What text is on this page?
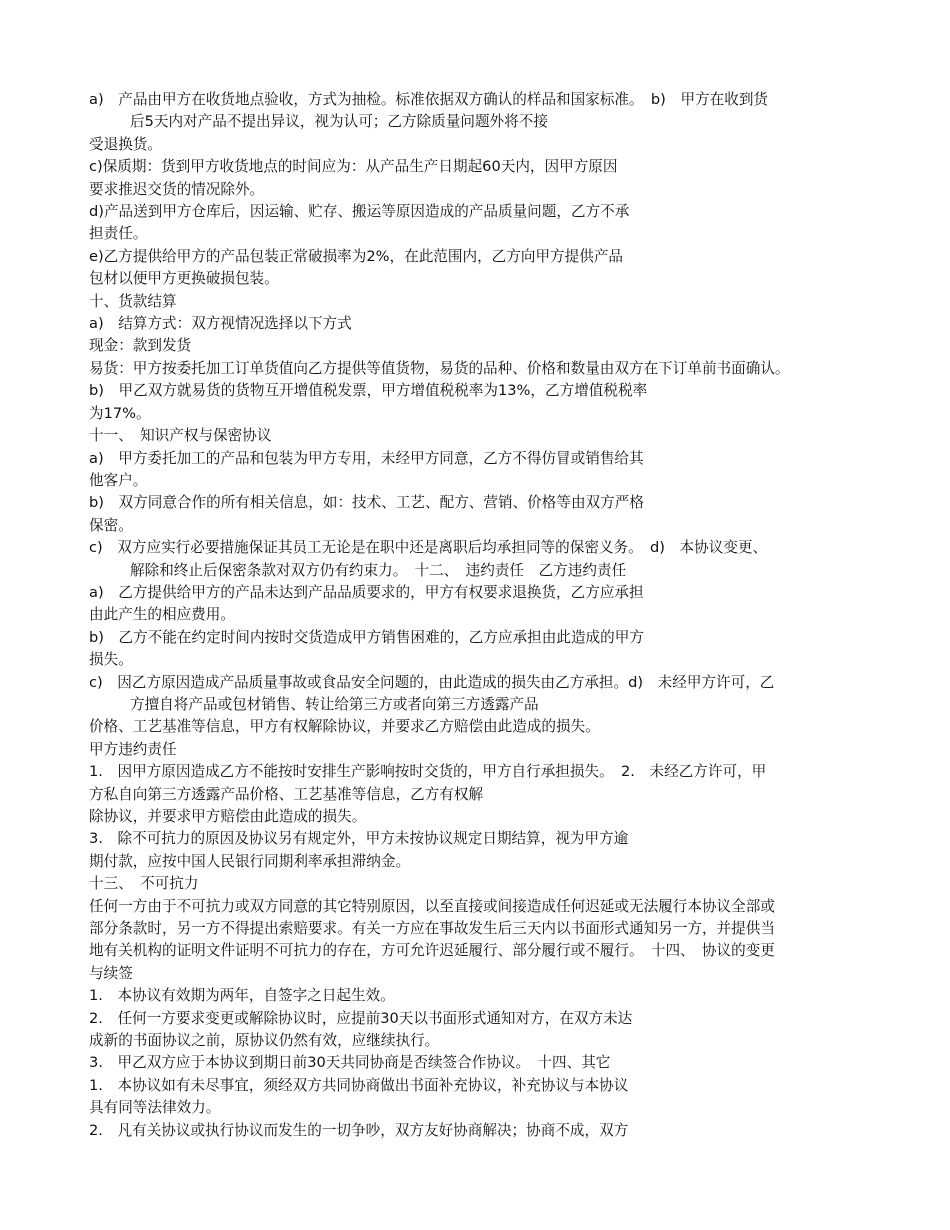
a)　产品由甲方在收货地点验收，方式为抽检。标准依据双方确认的样品和国家标准。　b)　甲方在收到货
后5天内对产品不提出异议，视为认可；乙方除质量问题外将不接
受退换货。
c)保质期：货到甲方收货地点的时间应为：从产品生产日期起60天内，因甲方原因
要求推迟交货的情况除外。
d)产品送到甲方仓库后，因运输、贮存、搬运等原因造成的产品质量问题，乙方不承
担责任。
e)乙方提供给甲方的产品包装正常破损率为2%，在此范围内，乙方向甲方提供产品
包材以便甲方更换破损包装。
十、货款结算
a)　结算方式：双方视情况选择以下方式
现金：款到发货
易货：甲方按委托加工订单货值向乙方提供等值货物，易货的品种、价格和数量由双方在下订单前书面确认。
b)　甲乙双方就易货的货物互开增值税发票，甲方增值税税率为13%，乙方增值税税率
为17%。
十一、　知识产权与保密协议
a)　甲方委托加工的产品和包装为甲方专用，未经甲方同意，乙方不得仿冒或销售给其
他客户。
b)　双方同意合作的所有相关信息，如：技术、工艺、配方、营销、价格等由双方严格
保密。
c)　双方应实行必要措施保证其员工无论是在职中还是离职后均承担同等的保密义务。　d)　本协议变更、
解除和终止后保密条款对双方仍有约束力。　十二、　违约责任　乙方违约责任
a)　乙方提供给甲方的产品未达到产品品质要求的，甲方有权要求退换货，乙方应承担
由此产生的相应费用。
b)　乙方不能在约定时间内按时交货造成甲方销售困难的，乙方应承担由此造成的甲方
损失。
c)　因乙方原因造成产品质量事故或食品安全问题的，由此造成的损失由乙方承担。d)　未经甲方许可，乙
方擅自将产品或包材销售、转让给第三方或者向第三方透露产品
价格、工艺基准等信息，甲方有权解除协议，并要求乙方赔偿由此造成的损失。
甲方违约责任
1.　因甲方原因造成乙方不能按时安排生产影响按时交货的，甲方自行承担损失。　2.　未经乙方许可，甲
方私自向第三方透露产品价格、工艺基准等信息，乙方有权解
除协议，并要求甲方赔偿由此造成的损失。
3.　除不可抗力的原因及协议另有规定外，甲方未按协议规定日期结算，视为甲方逾
期付款，应按中国人民银行同期利率承担滞纳金。
十三、　不可抗力
任何一方由于不可抗力或双方同意的其它特别原因，以至直接或间接造成任何迟延或无法履行本协议全部或
部分条款时，另一方不得提出索赔要求。有关一方应在事故发生后三天内以书面形式通知另一方，并提供当
地有关机构的证明文件证明不可抗力的存在，方可允许迟延履行、部分履行或不履行。　十四、　协议的变更
与续签
1.　本协议有效期为两年，自签字之日起生效。
2.　任何一方要求变更或解除协议时，应提前30天以书面形式通知对方，在双方未达
成新的书面协议之前，原协议仍然有效，应继续执行。
3.　甲乙双方应于本协议到期日前30天共同协商是否续签合作协议。　十四、其它
1.　本协议如有未尽事宜，须经双方共同协商做出书面补充协议，补充协议与本协议
具有同等法律效力。
2.　凡有关协议或执行协议而发生的一切争吵，双方友好协商解决；协商不成，双方
